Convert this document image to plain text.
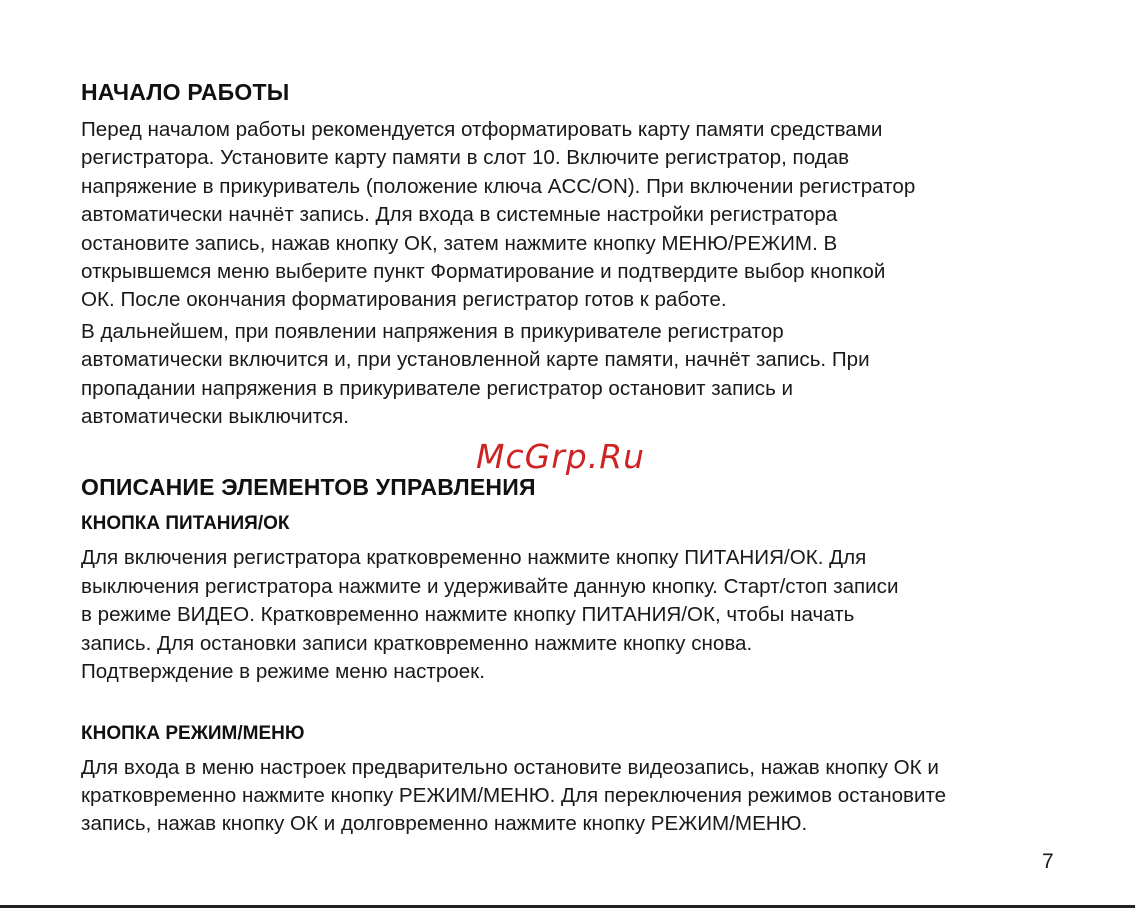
НАЧАЛО РАБОТЫ

Перед началом работы рекомендуется отформатировать карту памяти средствами
регистратора. Установите карту памяти в слот 10. Включите регистратор, подав
напряжение в прикуриватель (положение ключа ACC/ON). При включении регистратор
автоматически начнёт запись. Для входа в системные настройки регистратора
остановите запись, нажав кнопку ОК, затем нажмите кнопку МЕНЮ/РЕЖИМ. В
открывшемся меню выберите пункт Форматирование и подтвердите выбор кнопкой
ОК. После окончания форматирования регистратор готов к работе.

В дальнейшем, при появлении напряжения в прикуривателе регистратор
автоматически включится и, при установленной карте памяти, начнёт запись. При
пропадании напряжения в прикуривателе регистратор остановит запись и
автоматически выключится.

ОПИСАНИЕ ЭЛЕМЕНТОВ УПРАВЛЕНИЯ
КНОПКА ПИТАНИЯ/ОК

Для включения регистратора кратковременно нажмите кнопку ПИТАНИЯ/ОК. Для
выключения регистратора нажмите и удерживайте данную кнопку. Старт/стоп записи
в режиме ВИДЕО. Кратковременно нажмите кнопку ПИТАНИЯ/ОК, чтобы начать
запись. Для остановки записи кратковременно нажмите кнопку снова.
Подтверждение в режиме меню настроек.

КНОПКА РЕЖИМ/МЕНЮ

Для входа в меню настроек предварительно остановите видеозапись, нажав кнопку ОК и
кратковременно нажмите кнопку РЕЖИМ/МЕНЮ. Для переключения режимов остановите
запись, нажав кнопку ОК и долговременно нажмите кнопку РЕЖИМ/МЕНЮ.

McGrp.Ru
7
